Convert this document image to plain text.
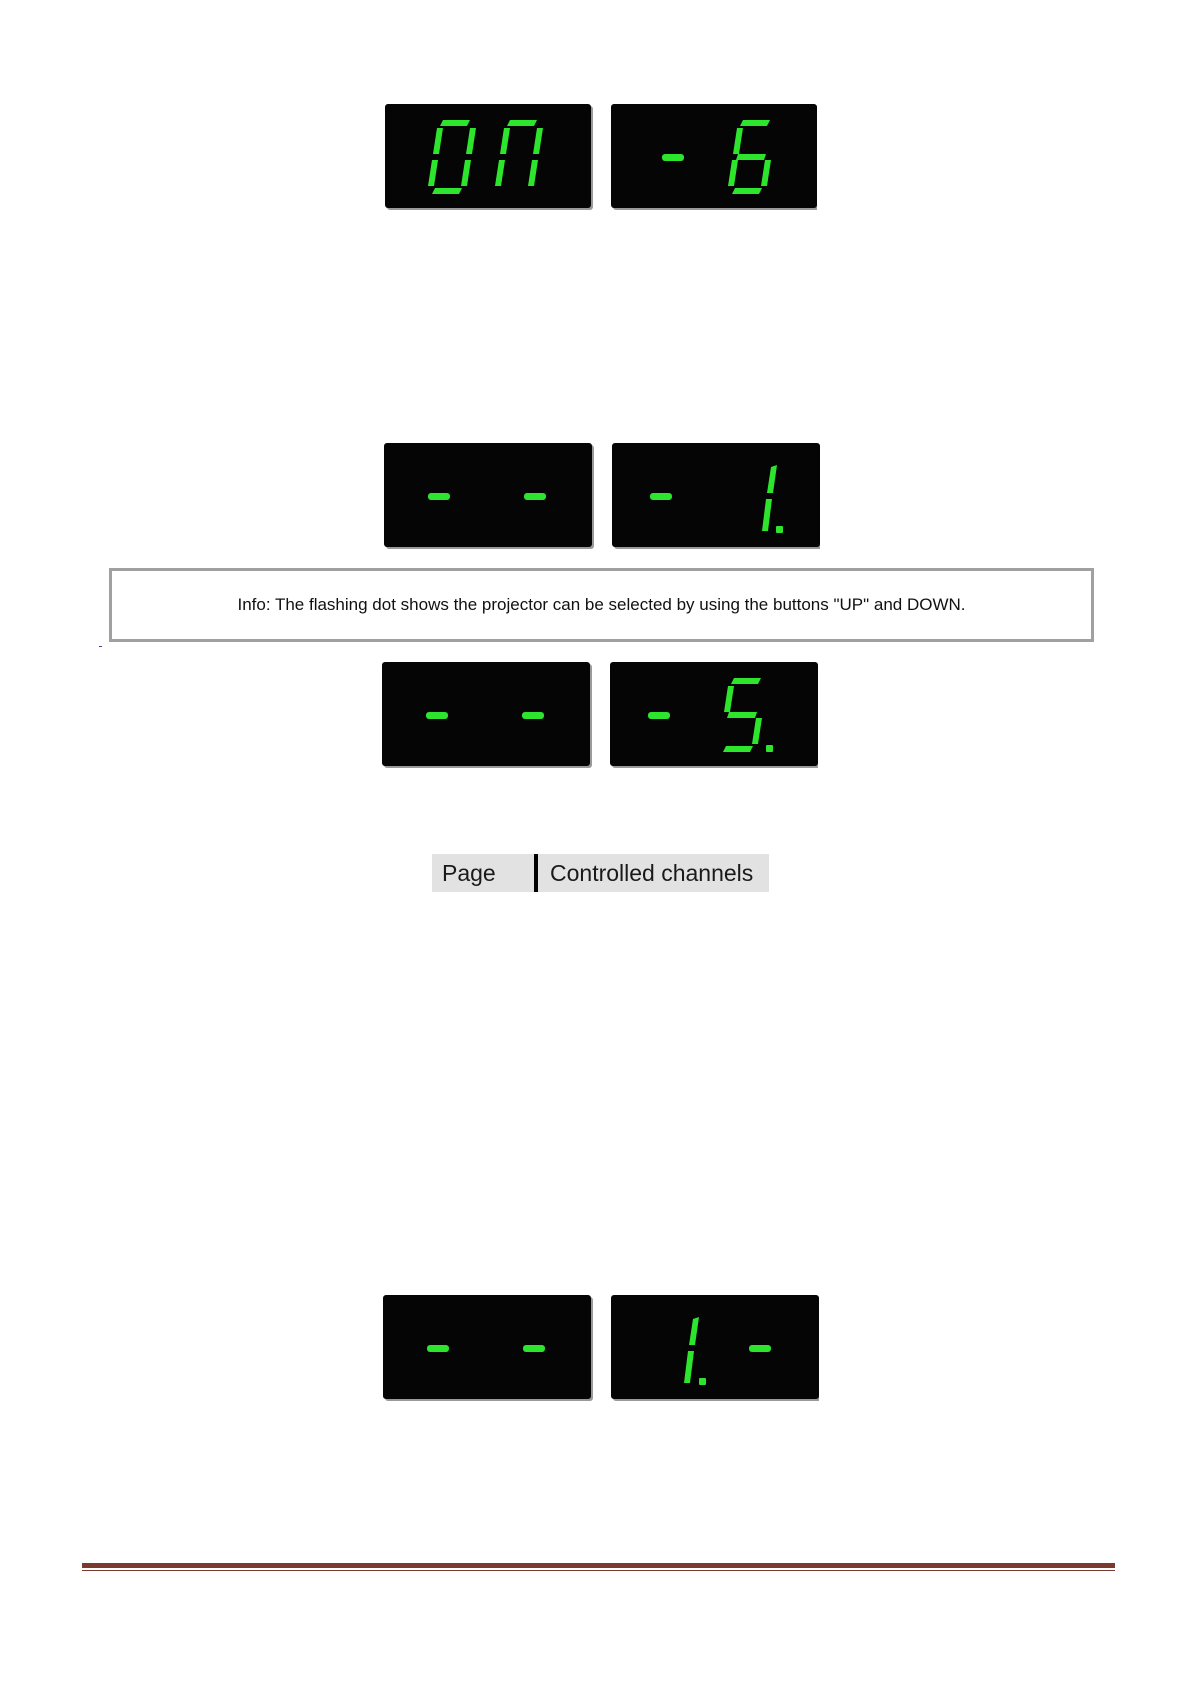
Info: The flashing dot shows the projector can be selected by using the buttons "UP" and DOWN.
Page	Controlled channels
